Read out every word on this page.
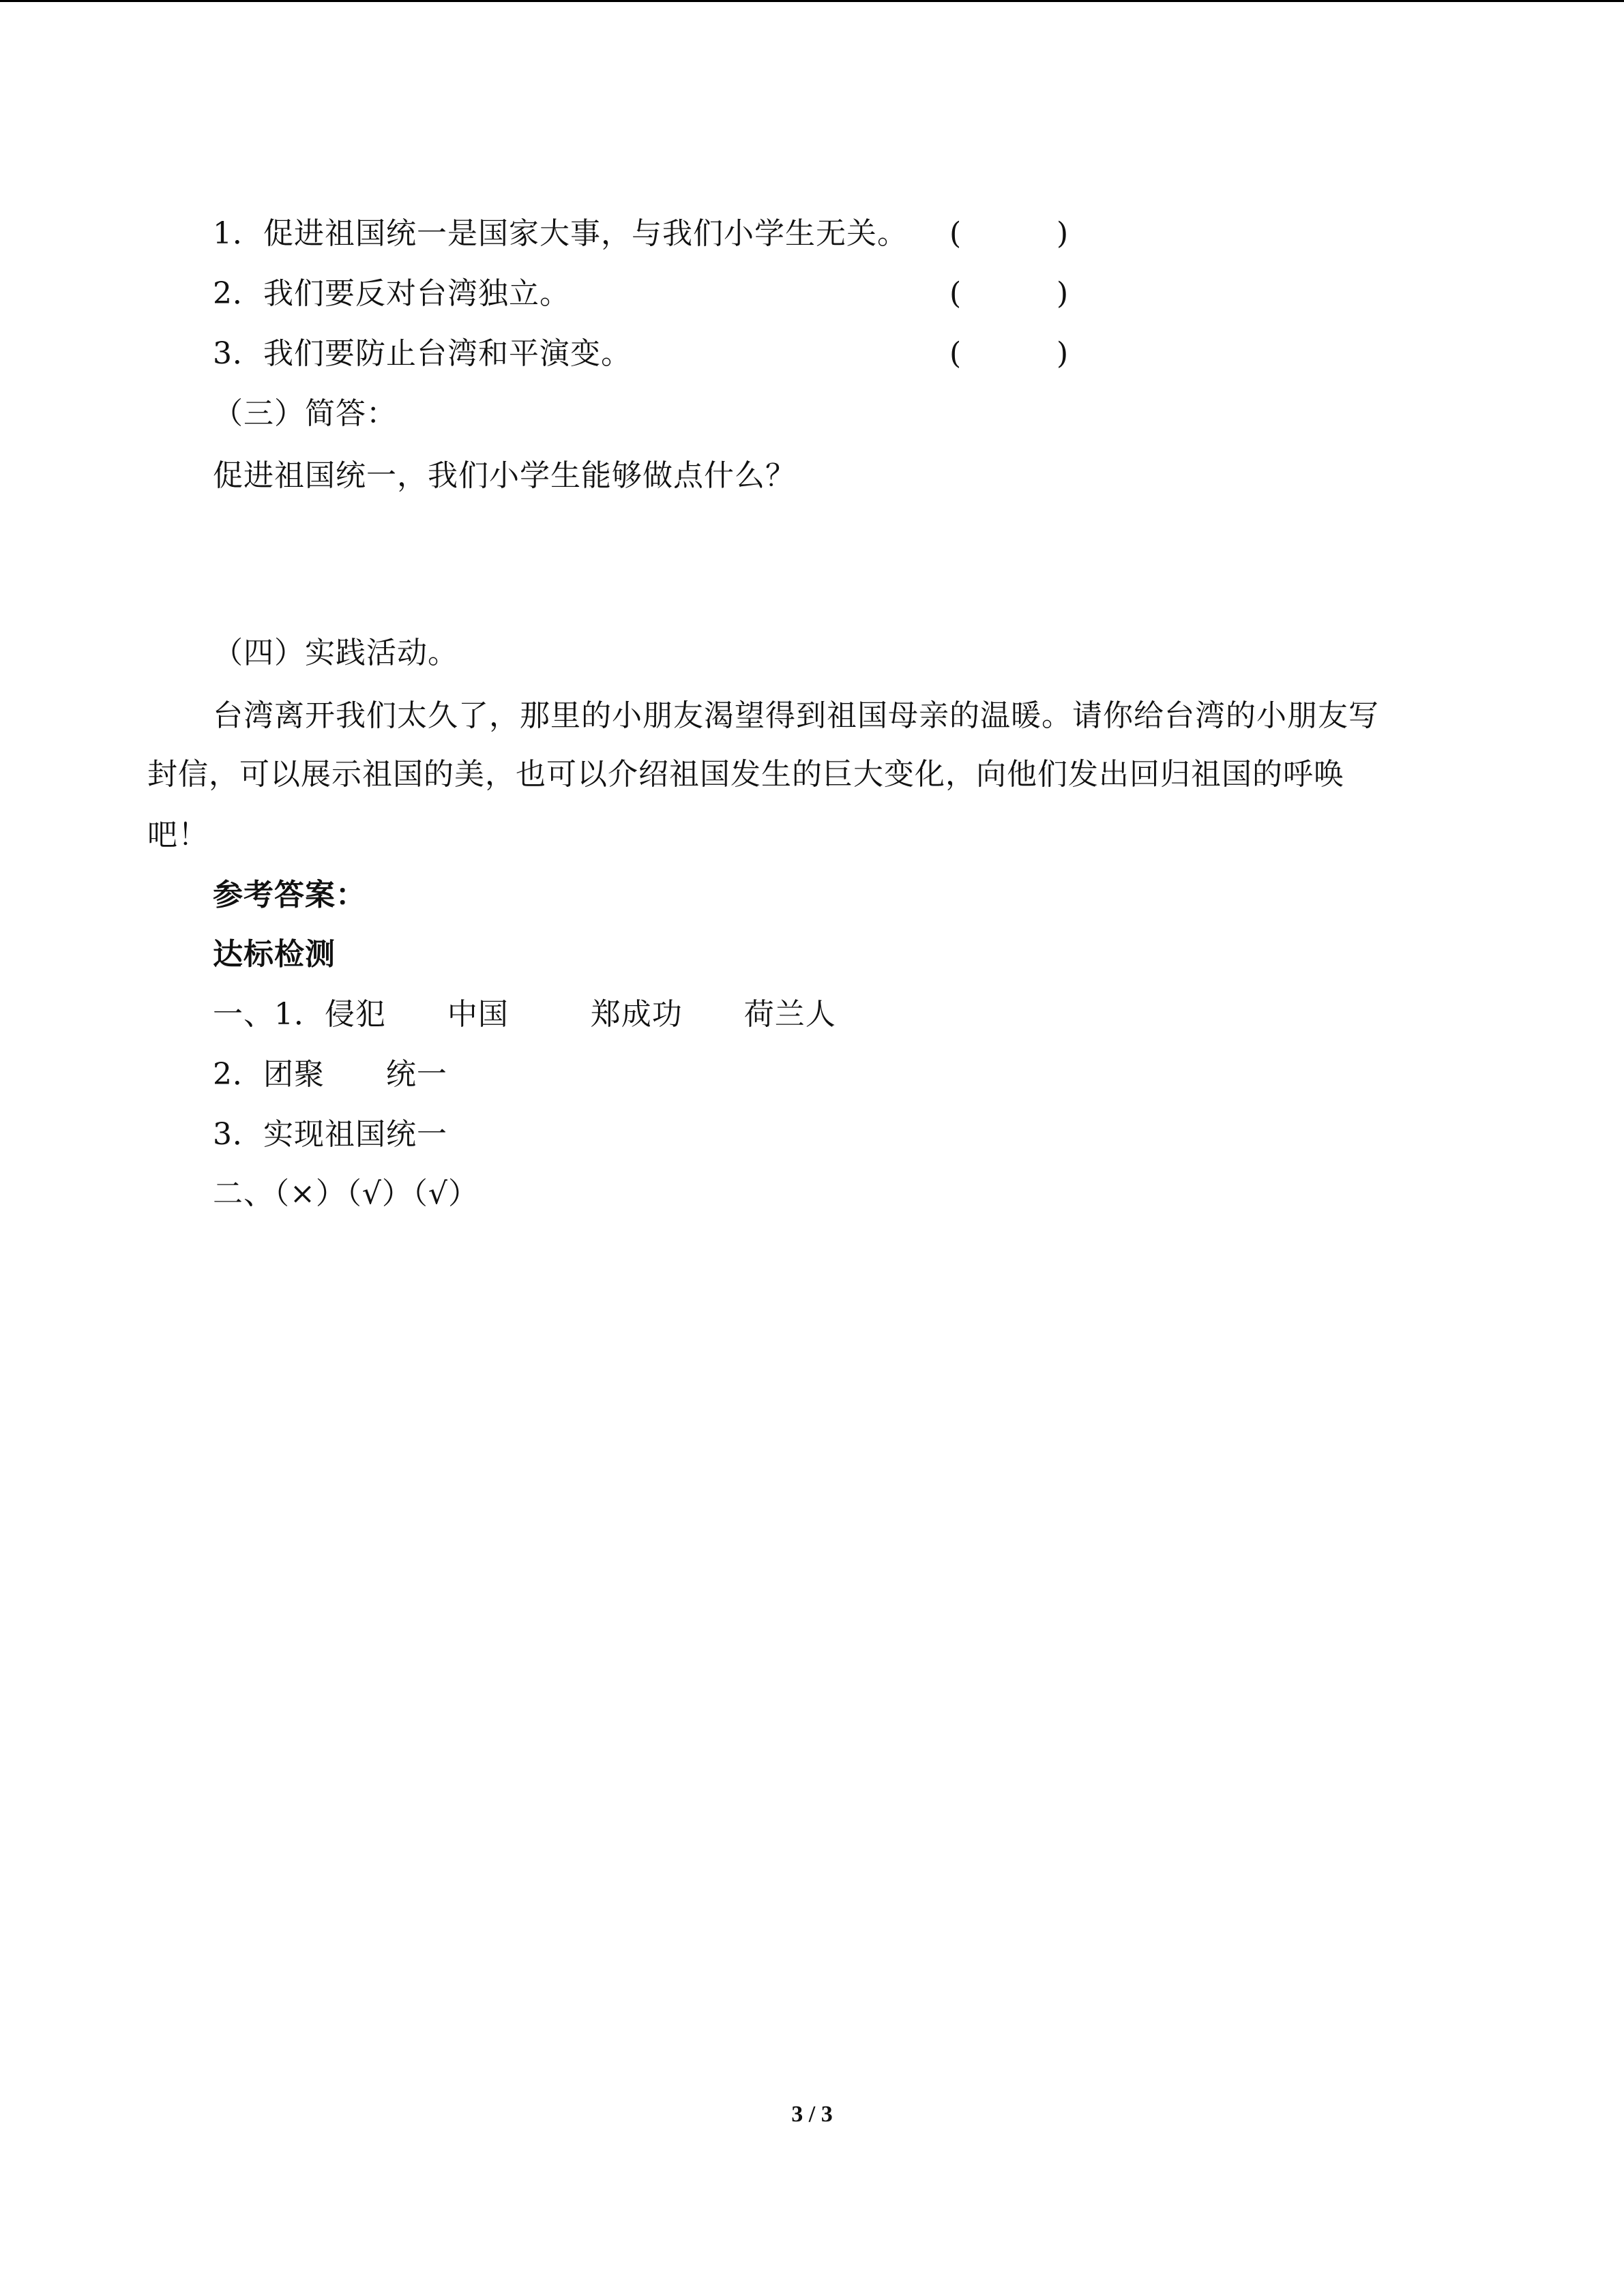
1．促进祖国统一是国家大事，与我们小学生无关。 (          )
2．我们要反对台湾独立。	(          )
3．我们要防止台湾和平演变。	(          )
（三）简答：
促进祖国统一，我们小学生能够做点什么？
（四）实践活动。
台湾离开我们太久了，那里的小朋友渴望得到祖国母亲的温暖。请你给台湾的小朋友写
封信，可以展示祖国的美，也可以介绍祖国发生的巨大变化，向他们发出回归祖国的呼唤
吧！
参考答案：
达标检测
一、1．侵犯      中国        郑成功      荷兰人
2．团聚      统一
3．实现祖国统一
二、（×）（√）（√）
3 / 3
